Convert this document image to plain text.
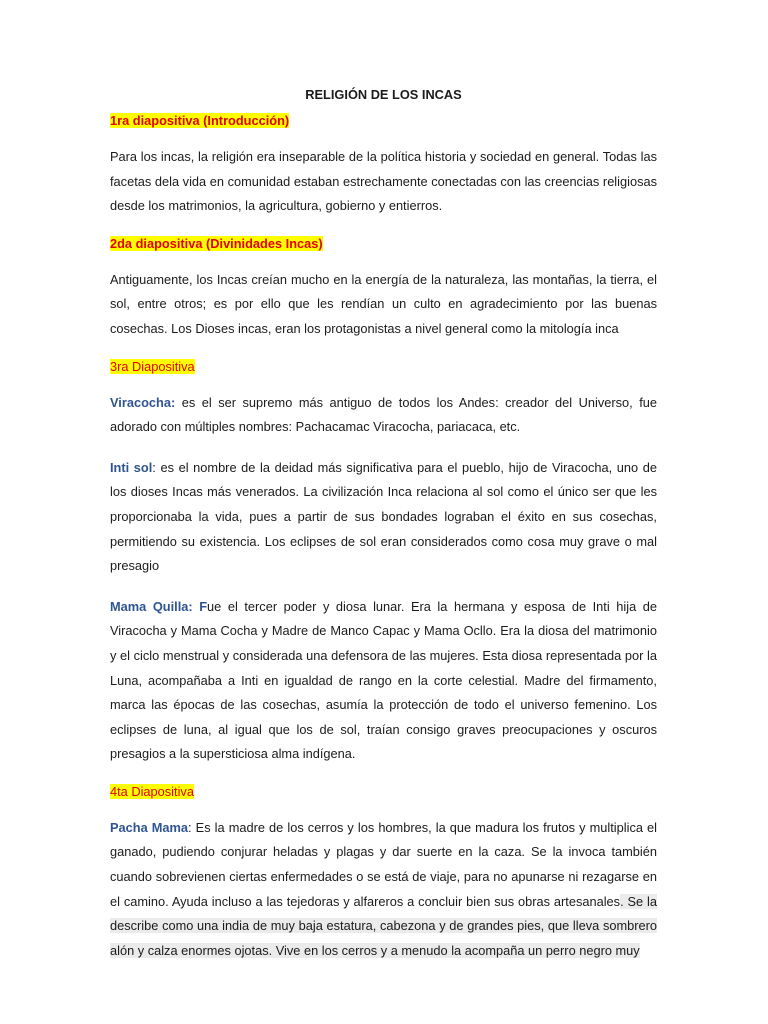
RELIGIÓN DE LOS INCAS
1ra diapositiva (Introducción)

Para los incas, la religión era inseparable de la política historia y sociedad en general. Todas las facetas dela vida en comunidad estaban estrechamente conectadas con las creencias religiosas desde los matrimonios, la agricultura, gobierno y entierros.

2da diapositiva (Divinidades Incas)

Antiguamente, los Incas creían mucho en la energía de la naturaleza, las montañas, la tierra, el sol, entre otros; es por ello que les rendían un culto en agradecimiento por las buenas cosechas. Los Dioses incas, eran los protagonistas a nivel general como la mitología inca

3ra Diapositiva

Viracocha: es el ser supremo más antiguo de todos los Andes: creador del Universo, fue adorado con múltiples nombres: Pachacamac Viracocha, pariacaca, etc.

Inti sol: es el nombre de la deidad más significativa para el pueblo, hijo de Viracocha, uno de los dioses Incas más venerados. La civilización Inca relaciona al sol como el único ser que les proporcionaba la vida, pues a partir de sus bondades lograban el éxito en sus cosechas, permitiendo su existencia. Los eclipses de sol eran considerados como cosa muy grave o mal presagio

Mama Quilla: Fue el tercer poder y diosa lunar. Era la hermana y esposa de Inti hija de Viracocha y Mama Cocha y Madre de Manco Capac y Mama Ocllo. Era la diosa del matrimonio y el ciclo menstrual y considerada una defensora de las mujeres. Esta diosa representada por la Luna, acompañaba a Inti en igualdad de rango en la corte celestial. Madre del firmamento, marca las épocas de las cosechas, asumía la protección de todo el universo femenino. Los eclipses de luna, al igual que los de sol, traían consigo graves preocupaciones y oscuros presagios a la supersticiosa alma indígena.

4ta Diapositiva

Pacha Mama: Es la madre de los cerros y los hombres, la que madura los frutos y multiplica el ganado, pudiendo conjurar heladas y plagas y dar suerte en la caza. Se la invoca también cuando sobrevienen ciertas enfermedades o se está de viaje, para no apunarse ni rezagarse en el camino. Ayuda incluso a las tejedoras y alfareros a concluir bien sus obras artesanales. Se la describe como una india de muy baja estatura, cabezona y de grandes pies, que lleva sombrero alón y calza enormes ojotas. Vive en los cerros y a menudo la acompaña un perro negro muy
